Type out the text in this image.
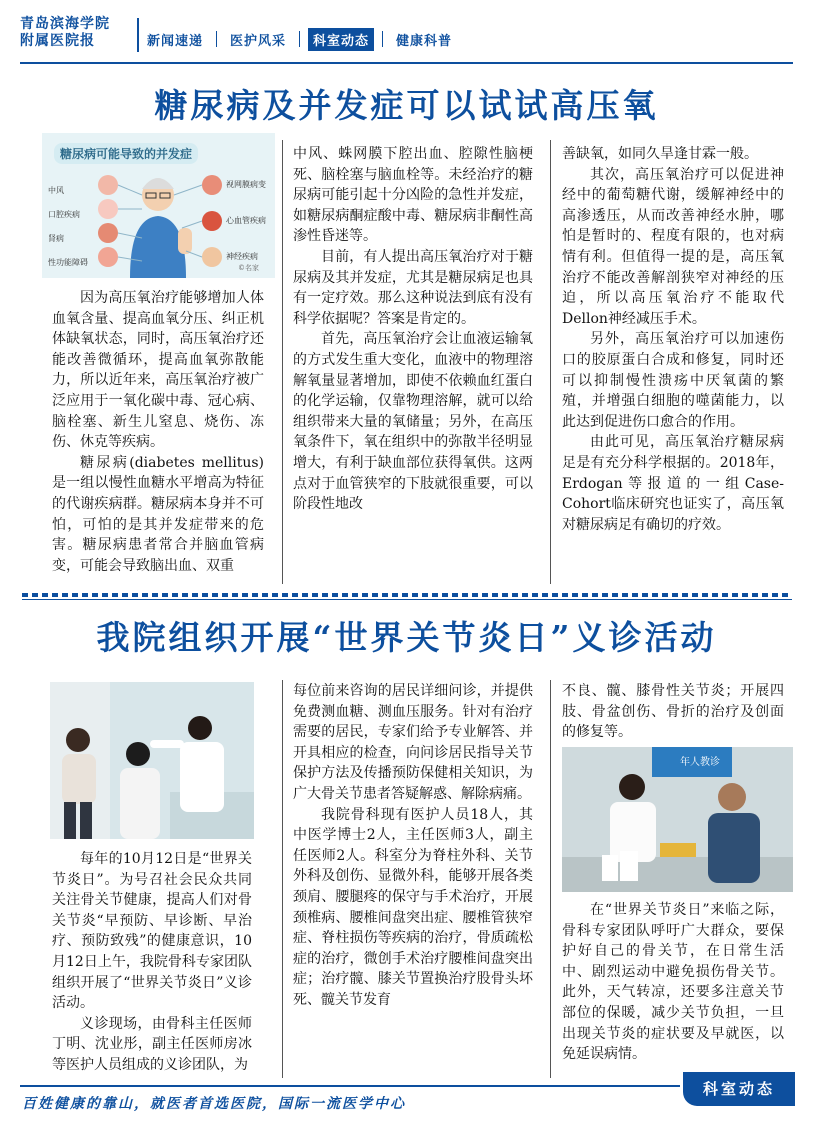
青岛滨海学院
附属医院报	新闻速递	医护风采	科室动态	健康科普
糖尿病及并发症可以试试高压氧
糖尿病可能导致的并发症
中风
口腔疾病
肾病
性功能障碍
视网膜病变
心血管疾病
神经疾病
©名家

因为高压氧治疗能够增加人体血氧含量、提高血氧分压、纠正机体缺氧状态，同时，高压氧治疗还能改善微循环，提高血氧弥散能力，所以近年来，高压氧治疗被广泛应用于一氧化碳中毒、冠心病、脑栓塞、新生儿窒息、烧伤、冻伤、休克等疾病。

糖尿病(diabetes mellitus)是一组以慢性血糖水平增高为特征的代谢疾病群。糖尿病本身并不可怕，可怕的是其并发症带来的危害。糖尿病患者常合并脑血管病变，可能会导致脑出血、双重

中风、蛛网膜下腔出血、腔隙性脑梗死、脑栓塞与脑血栓等。未经治疗的糖尿病可能引起十分凶险的急性并发症，如糖尿病酮症酸中毒、糖尿病非酮性高渗性昏迷等。

目前，有人提出高压氧治疗对于糖尿病及其并发症，尤其是糖尿病足也具有一定疗效。那么这种说法到底有没有科学依据呢？答案是肯定的。

首先，高压氧治疗会让血液运输氧的方式发生重大变化，血液中的物理溶解氧量显著增加，即使不依赖血红蛋白的化学运输，仅靠物理溶解，就可以给组织带来大量的氧储量；另外，在高压氧条件下，氧在组织中的弥散半径明显增大，有利于缺血部位获得氧供。这两点对于血管狭窄的下肢就很重要，可以阶段性地改

善缺氧，如同久旱逢甘霖一般。

其次，高压氧治疗可以促进神经中的葡萄糖代谢，缓解神经中的高渗透压，从而改善神经水肿，哪怕是暂时的、程度有限的，也对病情有利。但值得一提的是，高压氧治疗不能改善解剖狭窄对神经的压迫，所以高压氧治疗不能取代Dellon神经减压手术。

另外，高压氧治疗可以加速伤口的胶原蛋白合成和修复，同时还可以抑制慢性溃疡中厌氧菌的繁殖，并增强白细胞的噬菌能力，以此达到促进伤口愈合的作用。

由此可见，高压氧治疗糖尿病足是有充分科学根据的。2018年，Erdogan等报道的一组Case-Cohort临床研究也证实了，高压氧对糖尿病足有确切的疗效。

我院组织开展“世界关节炎日”义诊活动

每年的10月12日是“世界关节炎日”。为号召社会民众共同关注骨关节健康，提高人们对骨关节炎“早预防、早诊断、早治疗、预防致残”的健康意识，10月12日上午，我院骨科专家团队组织开展了“世界关节炎日”义诊活动。

义诊现场，由骨科主任医师丁明、沈业彤，副主任医师房冰等医护人员组成的义诊团队，为

每位前来咨询的居民详细问诊，并提供免费测血糖、测血压服务。针对有治疗需要的居民，专家们给予专业解答、并开具相应的检查，向问诊居民指导关节保护方法及传播预防保健相关知识，为广大骨关节患者答疑解惑、解除病痛。

我院骨科现有医护人员18人，其中医学博士2人，主任医师3人，副主任医师2人。科室分为脊柱外科、关节外科及创伤、显微外科，能够开展各类颈肩、腰腿疼的保守与手术治疗，开展颈椎病、腰椎间盘突出症、腰椎管狭窄症、脊柱损伤等疾病的治疗，骨质疏松症的治疗，微创手术治疗腰椎间盘突出症；治疗髋、膝关节置换治疗股骨头坏死、髋关节发育

不良、髋、膝骨性关节炎；开展四肢、骨盆创伤、骨折的治疗及创面的修复等。

年人教诊

在“世界关节炎日”来临之际，骨科专家团队呼吁广大群众，要保护好自己的骨关节，在日常生活中、剧烈运动中避免损伤骨关节。此外，天气转凉，还要多注意关节部位的保暖，减少关节负担，一旦出现关节炎的症状要及早就医，以免延误病情。

百姓健康的靠山，就医者首选医院，国际一流医学中心
科室动态
